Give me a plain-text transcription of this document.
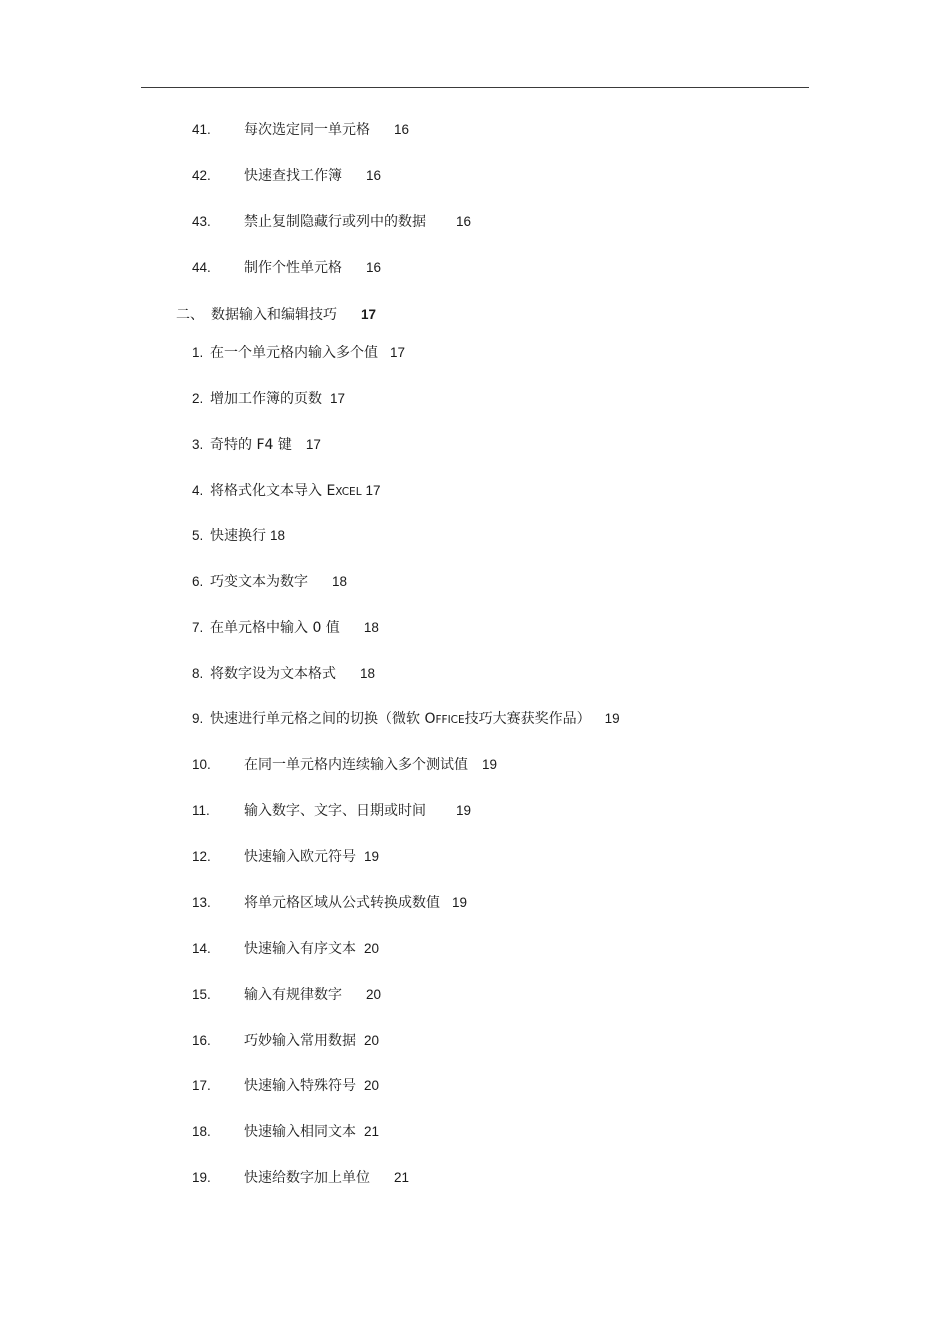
41. 每次选定同一单元格 16
42. 快速查找工作簿 16
43. 禁止复制隐藏行或列中的数据 16
44. 制作个性单元格 16
二、 数据输入和编辑技巧 17
1. 在一个单元格内输入多个值 17
2. 增加工作簿的页数 17
3. 奇特的 F4 键 17
4. 将格式化文本导入 EXCEL 17
5. 快速换行 18
6. 巧变文本为数字 18
7. 在单元格中输入 0 值 18
8. 将数字设为文本格式 18
9. 快速进行单元格之间的切换（微软 OFFICE技巧大赛获奖作品） 19
10. 在同一单元格内连续输入多个测试值 19
11. 输入数字、文字、日期或时间 19
12. 快速输入欧元符号 19
13. 将单元格区域从公式转换成数值 19
14. 快速输入有序文本 20
15. 输入有规律数字 20
16. 巧妙输入常用数据 20
17. 快速输入特殊符号 20
18. 快速输入相同文本 21
19. 快速给数字加上单位 21
